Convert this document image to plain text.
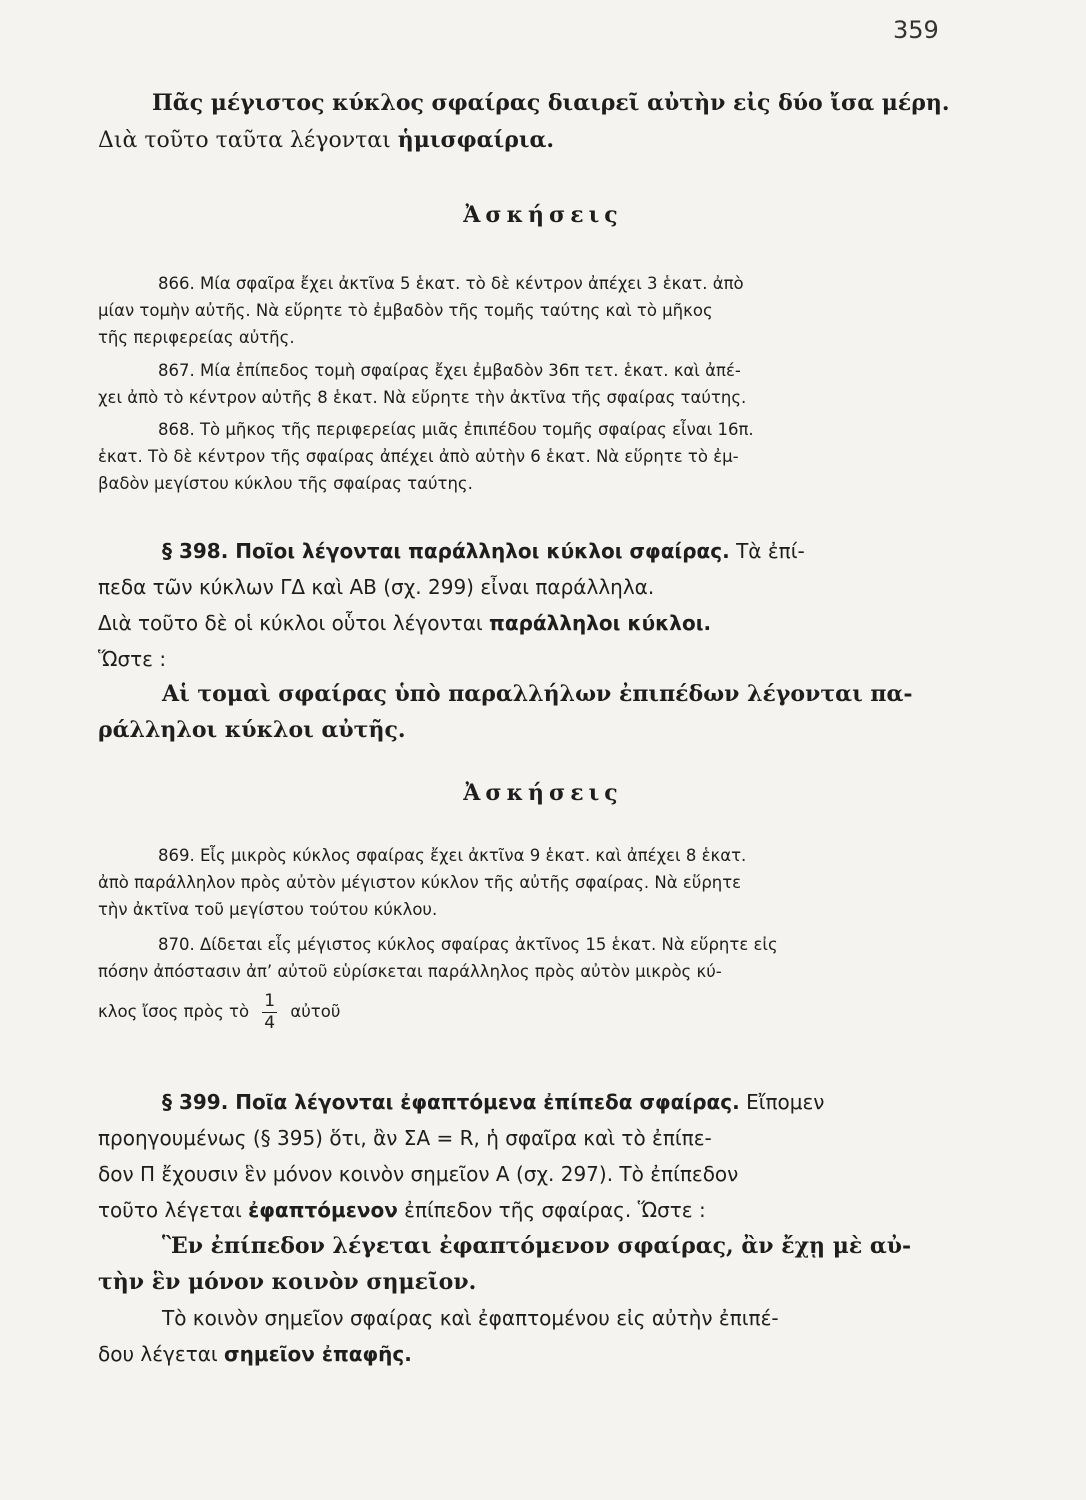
359
Πᾶς μέγιστος κύκλος σφαίρας διαιρεῖ αὐτὴν εἰς δύο ἴσα μέρη.
Διὰ τοῦτο ταῦτα λέγονται ἡμισφαίρια.
Ἀσκήσεις
866. Μία σφαῖρα ἔχει ἀκτῖνα 5 ἑκατ. τὸ δὲ κέντρον ἀπέχει 3 ἑκατ. ἀπὸ
μίαν τομὴν αὐτῆς. Νὰ εὕρητε τὸ ἐμβαδὸν τῆς τομῆς ταύτης καὶ τὸ μῆκος
τῆς περιφερείας αὐτῆς.
867. Μία ἐπίπεδος τομὴ σφαίρας ἔχει ἐμβαδὸν 36π τετ. ἑκατ. καὶ ἀπέ-
χει ἀπὸ τὸ κέντρον αὐτῆς 8 ἑκατ. Νὰ εὕρητε τὴν ἀκτῖνα τῆς σφαίρας ταύτης.
868. Τὸ μῆκος τῆς περιφερείας μιᾶς ἐπιπέδου τομῆς σφαίρας εἶναι 16π.
ἑκατ. Τὸ δὲ κέντρον τῆς σφαίρας ἀπέχει ἀπὸ αὐτὴν 6 ἑκατ. Νὰ εὕρητε τὸ ἐμ-
βαδὸν μεγίστου κύκλου τῆς σφαίρας ταύτης.
§ 398. Ποῖοι λέγονται παράλληλοι κύκλοι σφαίρας. Τὰ ἐπί-
πεδα τῶν κύκλων ΓΔ καὶ ΑΒ (σχ. 299) εἶναι παράλληλα.
Διὰ τοῦτο δὲ οἱ κύκλοι οὗτοι λέγονται παράλληλοι κύκλοι.
Ὥστε :
Αἱ τομαὶ σφαίρας ὑπὸ παραλλήλων ἐπιπέδων λέγονται πα-
ράλληλοι κύκλοι αὐτῆς.
Ἀσκήσεις
869. Εἷς μικρὸς κύκλος σφαίρας ἔχει ἀκτῖνα 9 ἑκατ. καὶ ἀπέχει 8 ἑκατ.
ἀπὸ παράλληλον πρὸς αὐτὸν μέγιστον κύκλον τῆς αὐτῆς σφαίρας. Νὰ εὕρητε
τὴν ἀκτῖνα τοῦ μεγίστου τούτου κύκλου.
870. Δίδεται εἷς μέγιστος κύκλος σφαίρας ἀκτῖνος 15 ἑκατ. Νὰ εὕρητε εἰς
πόσην ἀπόστασιν ἀπ’ αὐτοῦ εὑρίσκεται παράλληλος πρὸς αὐτὸν μικρὸς κύ-
κλος ἴσος πρὸς τὸ $\frac{1}{4}$ αὐτοῦ
§ 399. Ποῖα λέγονται ἐφαπτόμενα ἐπίπεδα σφαίρας. Εἴπομεν
προηγουμένως (§ 395) ὅτι, ἂν ΣΑ = R, ἡ σφαῖρα καὶ τὸ ἐπίπε-
δον Π ἔχουσιν ἓν μόνον κοινὸν σημεῖον Α (σχ. 297). Τὸ ἐπίπεδον
τοῦτο λέγεται ἐφαπτόμενον ἐπίπεδον τῆς σφαίρας. Ὥστε :
Ἓν ἐπίπεδον λέγεται ἐφαπτόμενον σφαίρας, ἂν ἔχῃ μὲ αὐ-
τὴν ἓν μόνον κοινὸν σημεῖον.
Τὸ κοινὸν σημεῖον σφαίρας καὶ ἐφαπτομένου εἰς αὐτὴν ἐπιπέ-
δου λέγεται σημεῖον ἐπαφῆς.
